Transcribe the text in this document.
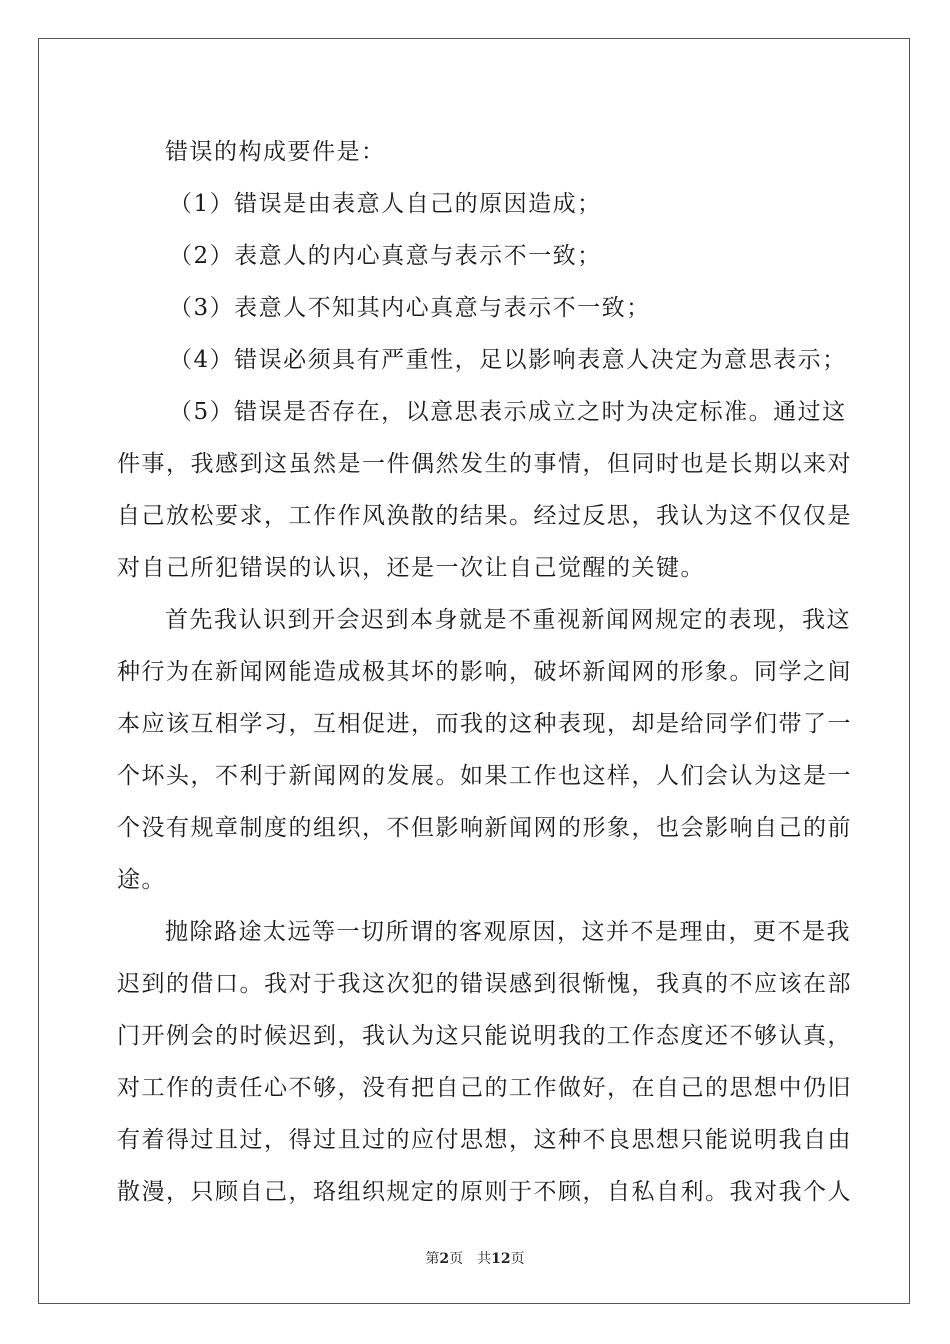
错误的构成要件是：
（1）错误是由表意人自己的原因造成；
（2）表意人的内心真意与表示不一致；
（3）表意人不知其内心真意与表示不一致；
（4）错误必须具有严重性，足以影响表意人决定为意思表示；
（5）错误是否存在，以意思表示成立之时为决定标准。通过这
件事，我感到这虽然是一件偶然发生的事情，但同时也是长期以来对
自己放松要求，工作作风涣散的结果。经过反思，我认为这不仅仅是
对自己所犯错误的认识，还是一次让自己觉醒的关键。
首先我认识到开会迟到本身就是不重视新闻网规定的表现，我这
种行为在新闻网能造成极其坏的影响，破坏新闻网的形象。同学之间
本应该互相学习，互相促进，而我的这种表现，却是给同学们带了一
个坏头，不利于新闻网的发展。如果工作也这样，人们会认为这是一
个没有规章制度的组织，不但影响新闻网的形象，也会影响自己的前
途。
抛除路途太远等一切所谓的客观原因，这并不是理由，更不是我
迟到的借口。我对于我这次犯的错误感到很惭愧，我真的不应该在部
门开例会的时候迟到，我认为这只能说明我的工作态度还不够认真，
对工作的责任心不够，没有把自己的工作做好，在自己的思想中仍旧
有着得过且过，得过且过的应付思想，这种不良思想只能说明我自由
散漫，只顾自己，珞组织规定的原则于不顾，自私自利。我对我个人
第2页 共12页
